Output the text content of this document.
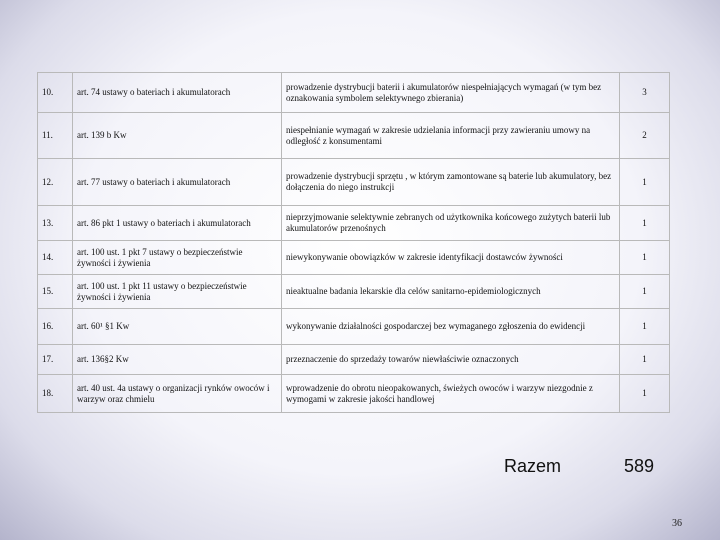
10.	art. 74 ustawy o bateriach i akumulatorach	prowadzenie dystrybucji baterii i akumulatorów niespełniających wymagań (w tym bez oznakowania symbolem selektywnego zbierania)	3
11.	art. 139 b Kw	niespełnianie wymagań w zakresie udzielania informacji przy zawieraniu umowy na odległość z konsumentami	2
12.	art. 77 ustawy o bateriach i akumulatorach	prowadzenie dystrybucji sprzętu , w którym zamontowane są baterie lub akumulatory, bez dołączenia do niego instrukcji	1
13.	art. 86 pkt 1 ustawy o bateriach i akumulatorach	nieprzyjmowanie selektywnie zebranych od użytkownika końcowego zużytych baterii lub akumulatorów przenośnych	1
14.	art. 100 ust. 1 pkt 7 ustawy o bezpieczeństwie żywności i żywienia	niewykonywanie obowiązków w zakresie identyfikacji dostawców żywności	1
15.	art. 100 ust. 1 pkt 11 ustawy o bezpieczeństwie żywności i żywienia	nieaktualne badania lekarskie dla celów sanitarno-epidemiologicznych	1
16.	art. 60¹ §1 Kw	wykonywanie działalności gospodarczej bez wymaganego zgłoszenia do ewidencji	1
17.	art. 136§2 Kw	przeznaczenie do sprzedaży towarów niewłaściwie oznaczonych	1
18.	art. 40 ust. 4a ustawy o organizacji rynków owoców i warzyw oraz chmielu	wprowadzenie do obrotu nieopakowanych, świeżych owoców i warzyw niezgodnie z wymogami w zakresie jakości handlowej	1
Razem	589
36
